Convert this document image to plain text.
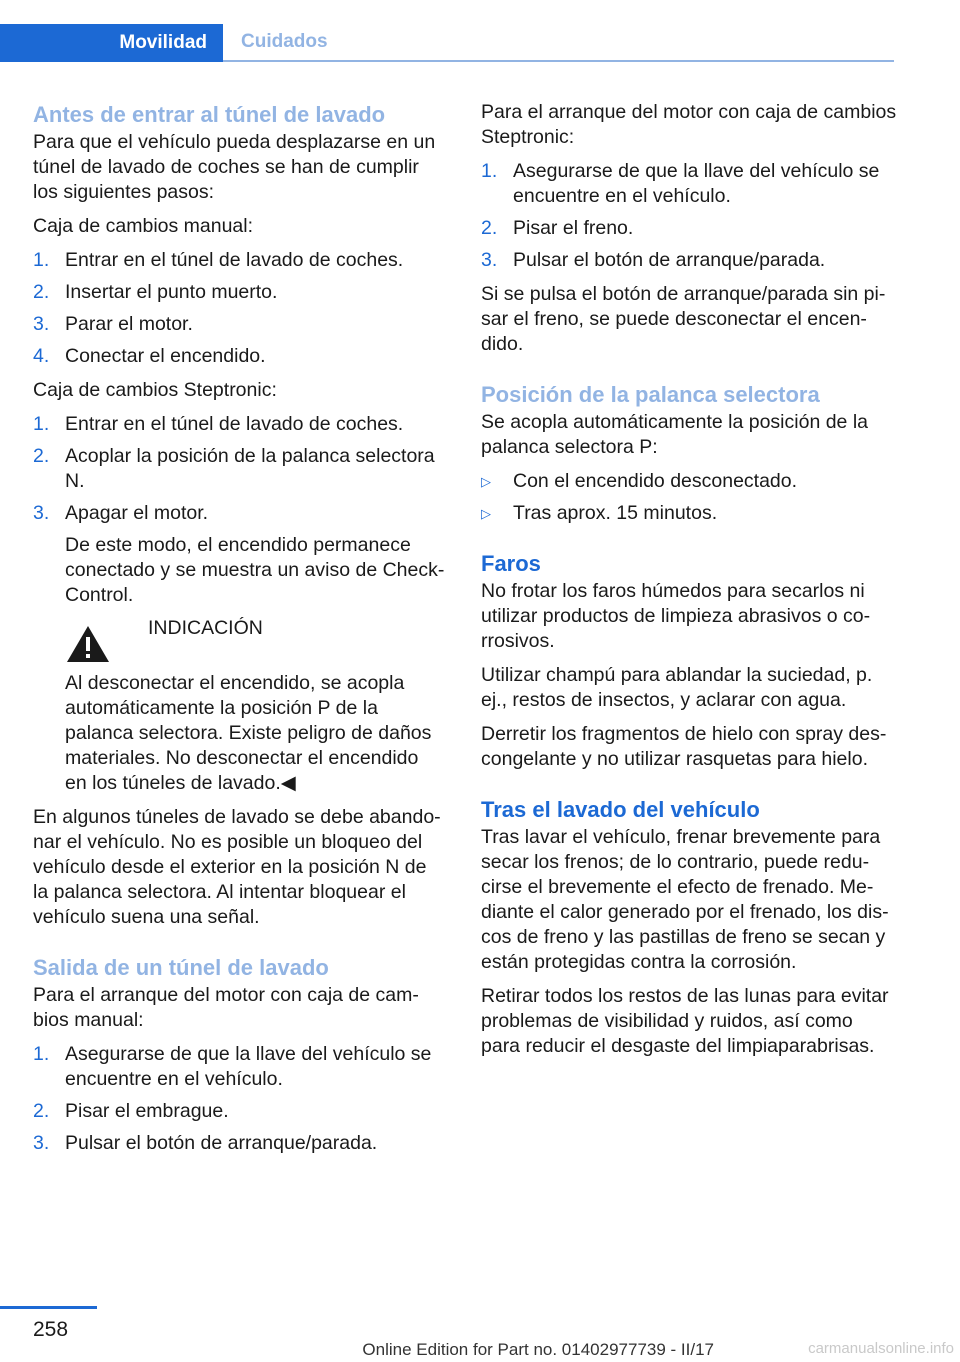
Movilidad	Cuidados
Antes de entrar al túnel de lavado

Para que el vehículo pueda desplazarse en un túnel de lavado de coches se han de cumplir los siguientes pasos:

Caja de cambios manual:

1. Entrar en el túnel de lavado de coches.
2. Insertar el punto muerto.
3. Parar el motor.
4. Conectar el encendido.

Caja de cambios Steptronic:

1. Entrar en el túnel de lavado de coches.
2. Acoplar la posición de la palanca selectora N.
3. Apagar el motor.
De este modo, el encendido permanece conectado y se muestra un aviso de Check-Control.
INDICACIÓN
Al desconectar el encendido, se acopla automáticamente la posición P de la palanca selectora. Existe peligro de daños materiales. No desconectar el encendido en los túneles de lavado.◀

En algunos túneles de lavado se debe abandonar el vehículo. No es posible un bloqueo del vehículo desde el exterior en la posición N de la palanca selectora. Al intentar bloquear el vehículo suena una señal.

Salida de un túnel de lavado

Para el arranque del motor con caja de cambios manual:

1. Asegurarse de que la llave del vehículo se encuentre en el vehículo.
2. Pisar el embrague.
3. Pulsar el botón de arranque/parada.

Para el arranque del motor con caja de cambios Steptronic:

1. Asegurarse de que la llave del vehículo se encuentre en el vehículo.
2. Pisar el freno.
3. Pulsar el botón de arranque/parada.

Si se pulsa el botón de arranque/parada sin pisar el freno, se puede desconectar el encendido.

Posición de la palanca selectora

Se acopla automáticamente la posición de la palanca selectora P:

▷	Con el encendido desconectado.
▷	Tras aprox. 15 minutos.
Faros

No frotar los faros húmedos para secarlos ni utilizar productos de limpieza abrasivos o corrosivos.

Utilizar champú para ablandar la suciedad, p. ej., restos de insectos, y aclarar con agua.

Derretir los fragmentos de hielo con spray descongelante y no utilizar rasquetas para hielo.

Tras el lavado del vehículo

Tras lavar el vehículo, frenar brevemente para secar los frenos; de lo contrario, puede reducirse el brevemente el efecto de frenado. Mediante el calor generado por el frenado, los discos de freno y las pastillas de freno se secan y están protegidas contra la corrosión.

Retirar todos los restos de las lunas para evitar problemas de visibilidad y ruidos, así como para reducir el desgaste del limpiaparabrisas.

258
Online Edition for Part no. 01402977739 - II/17	carmanualsonline.info
